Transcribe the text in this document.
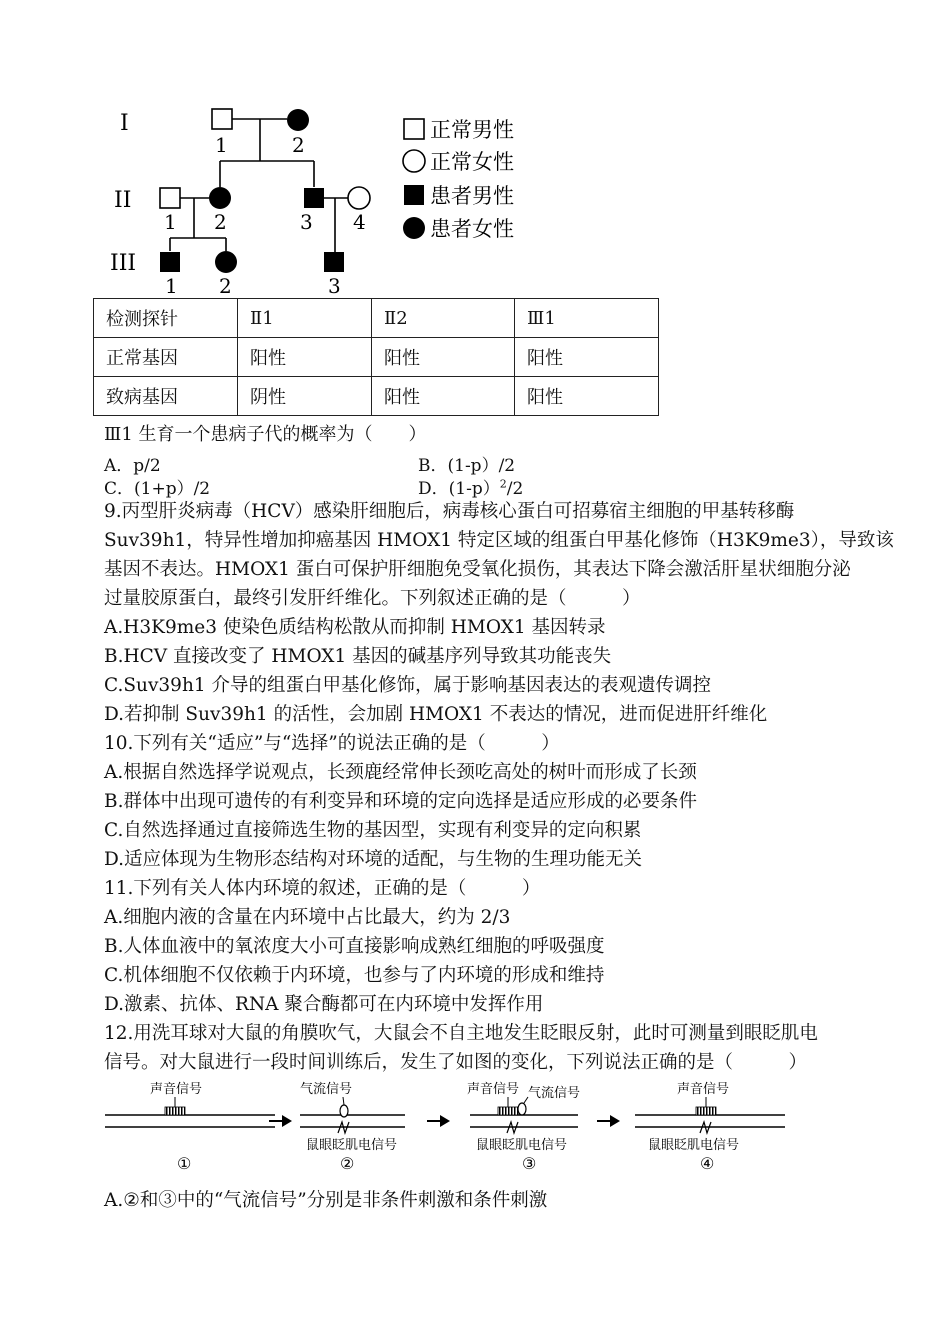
I
II
III
1	2
1 2	3 4
1 2	3
正常男性
正常女性
患者男性
患者女性
检测探针	Ⅱ1	Ⅱ2	Ⅲ1
正常基因	阳性	阳性	阳性
致病基因	阴性	阳性	阳性
Ⅲ1 生育一个患病子代的概率为（　　）
A．p/2	B．(1-p）/2
C．(1+p）/2	D．(1-p）$^2$/2
9.丙型肝炎病毒（HCV）感染肝细胞后，病毒核心蛋白可招募宿主细胞的甲基转移酶
Suv39h1，特异性增加抑癌基因 HMOX1 特定区域的组蛋白甲基化修饰（H3K9me3），导致该
基因不表达。HMOX1 蛋白可保护肝细胞免受氧化损伤，其表达下降会激活肝星状细胞分泌
过量胶原蛋白，最终引发肝纤维化。下列叙述正确的是（　　　）
A.H3K9me3 使染色质结构松散从而抑制 HMOX1 基因转录
B.HCV 直接改变了 HMOX1 基因的碱基序列导致其功能丧失
C.Suv39h1 介导的组蛋白甲基化修饰，属于影响基因表达的表观遗传调控
D.若抑制 Suv39h1 的活性，会加剧 HMOX1 不表达的情况，进而促进肝纤维化
10.下列有关“适应”与“选择”的说法正确的是（　　　）
A.根据自然选择学说观点，长颈鹿经常伸长颈吃高处的树叶而形成了长颈
B.群体中出现可遗传的有利变异和环境的定向选择是适应形成的必要条件
C.自然选择通过直接筛选生物的基因型，实现有利变异的定向积累
D.适应体现为生物形态结构对环境的适配，与生物的生理功能无关
11.下列有关人体内环境的叙述，正确的是（　　　）
A.细胞内液的含量在内环境中占比最大，约为 2/3
B.人体血液中的氧浓度大小可直接影响成熟红细胞的呼吸强度
C.机体细胞不仅依赖于内环境，也参与了内环境的形成和维持
D.激素、抗体、RNA 聚合酶都可在内环境中发挥作用
12.用洗耳球对大鼠的角膜吹气，大鼠会不自主地发生眨眼反射，此时可测量到眼眨肌电
信号。对大鼠进行一段时间训练后，发生了如图的变化，下列说法正确的是（　　　）
声音信号
①
气流信号
鼠眼眨肌电信号
②
声音信号 气流信号
鼠眼眨肌电信号
③
声音信号
鼠眼眨肌电信号
④
A.②和③中的“气流信号”分别是非条件刺激和条件刺激
